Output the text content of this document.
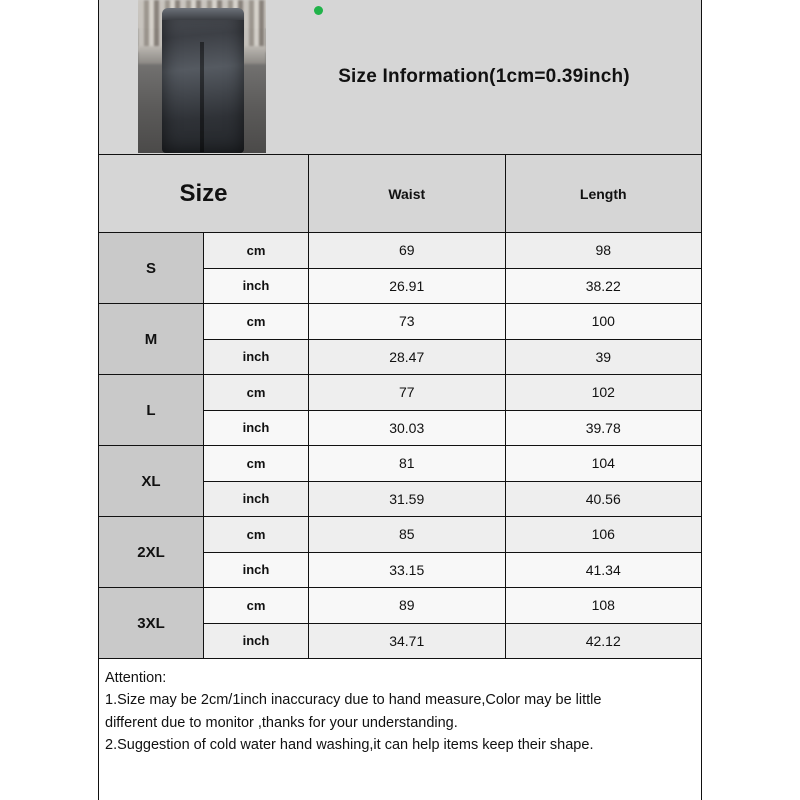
Size Information(1cm=0.39inch)
Size	Waist	Length
S
cm	69	98
inch	26.91	38.22
M
cm	73	100
inch	28.47	39
L
cm	77	102
inch	30.03	39.78
XL
cm	81	104
inch	31.59	40.56
2XL
cm	85	106
inch	33.15	41.34
3XL
cm	89	108
inch	34.71	42.12
Attention:
1.Size may be 2cm/1inch inaccuracy due to hand measure,Color may be little
different due to monitor ,thanks for your understanding.
2.Suggestion of cold water hand washing,it can help items keep their shape.
